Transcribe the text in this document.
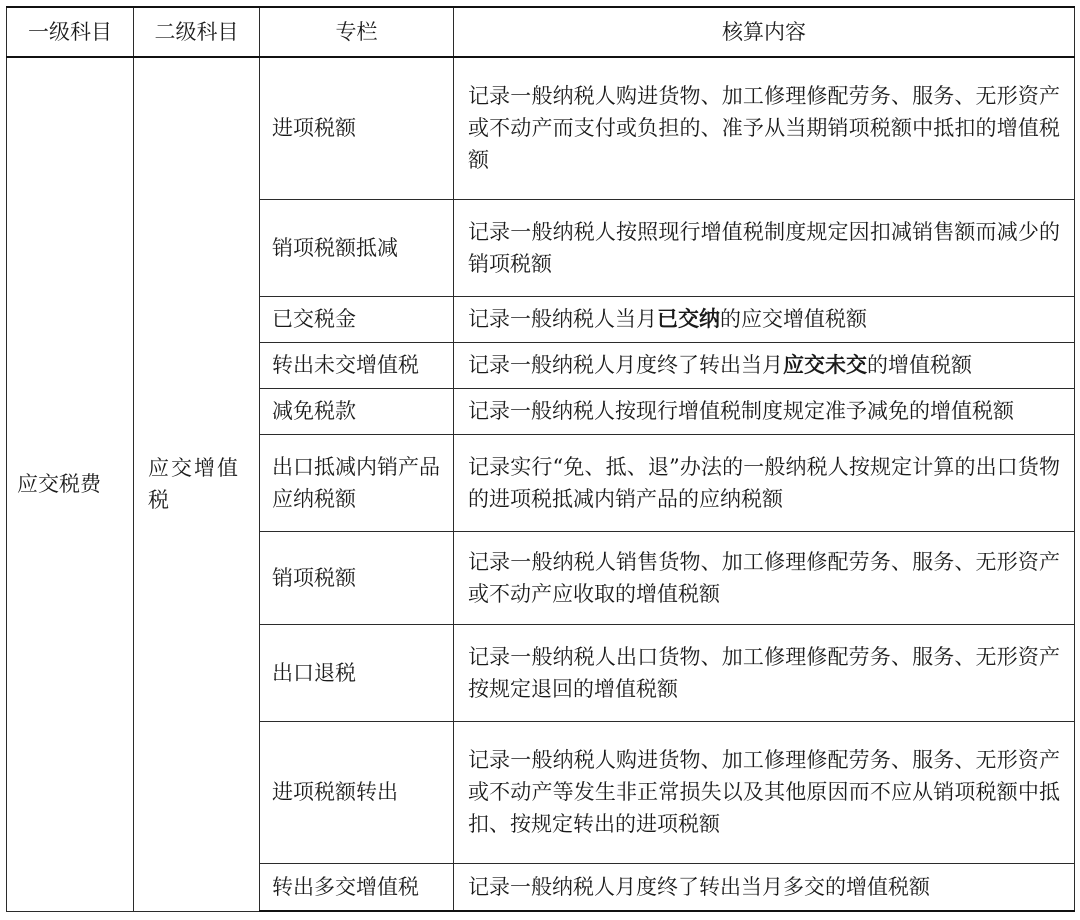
一级科目	二级科目	专栏	核算内容
应交税费	应交增值税	进项税额	记录一般纳税人购进货物、加工修理修配劳务、服务、无形资产或不动产而支付或负担的、准予从当期销项税额中抵扣的增值税额
		销项税额抵减	记录一般纳税人按照现行增值税制度规定因扣减销售额而减少的销项税额
		已交税金	记录一般纳税人当月已交纳的应交增值税额
		转出未交增值税	记录一般纳税人月度终了转出当月应交未交的增值税额
		减免税款	记录一般纳税人按现行增值税制度规定准予减免的增值税额
		出口抵减内销产品应纳税额	记录实行“免、抵、退”办法的一般纳税人按规定计算的出口货物的进项税抵减内销产品的应纳税额
		销项税额	记录一般纳税人销售货物、加工修理修配劳务、服务、无形资产或不动产应收取的增值税额
		出口退税	记录一般纳税人出口货物、加工修理修配劳务、服务、无形资产按规定退回的增值税额
		进项税额转出	记录一般纳税人购进货物、加工修理修配劳务、服务、无形资产或不动产等发生非正常损失以及其他原因而不应从销项税额中抵扣、按规定转出的进项税额
		转出多交增值税	记录一般纳税人月度终了转出当月多交的增值税额
